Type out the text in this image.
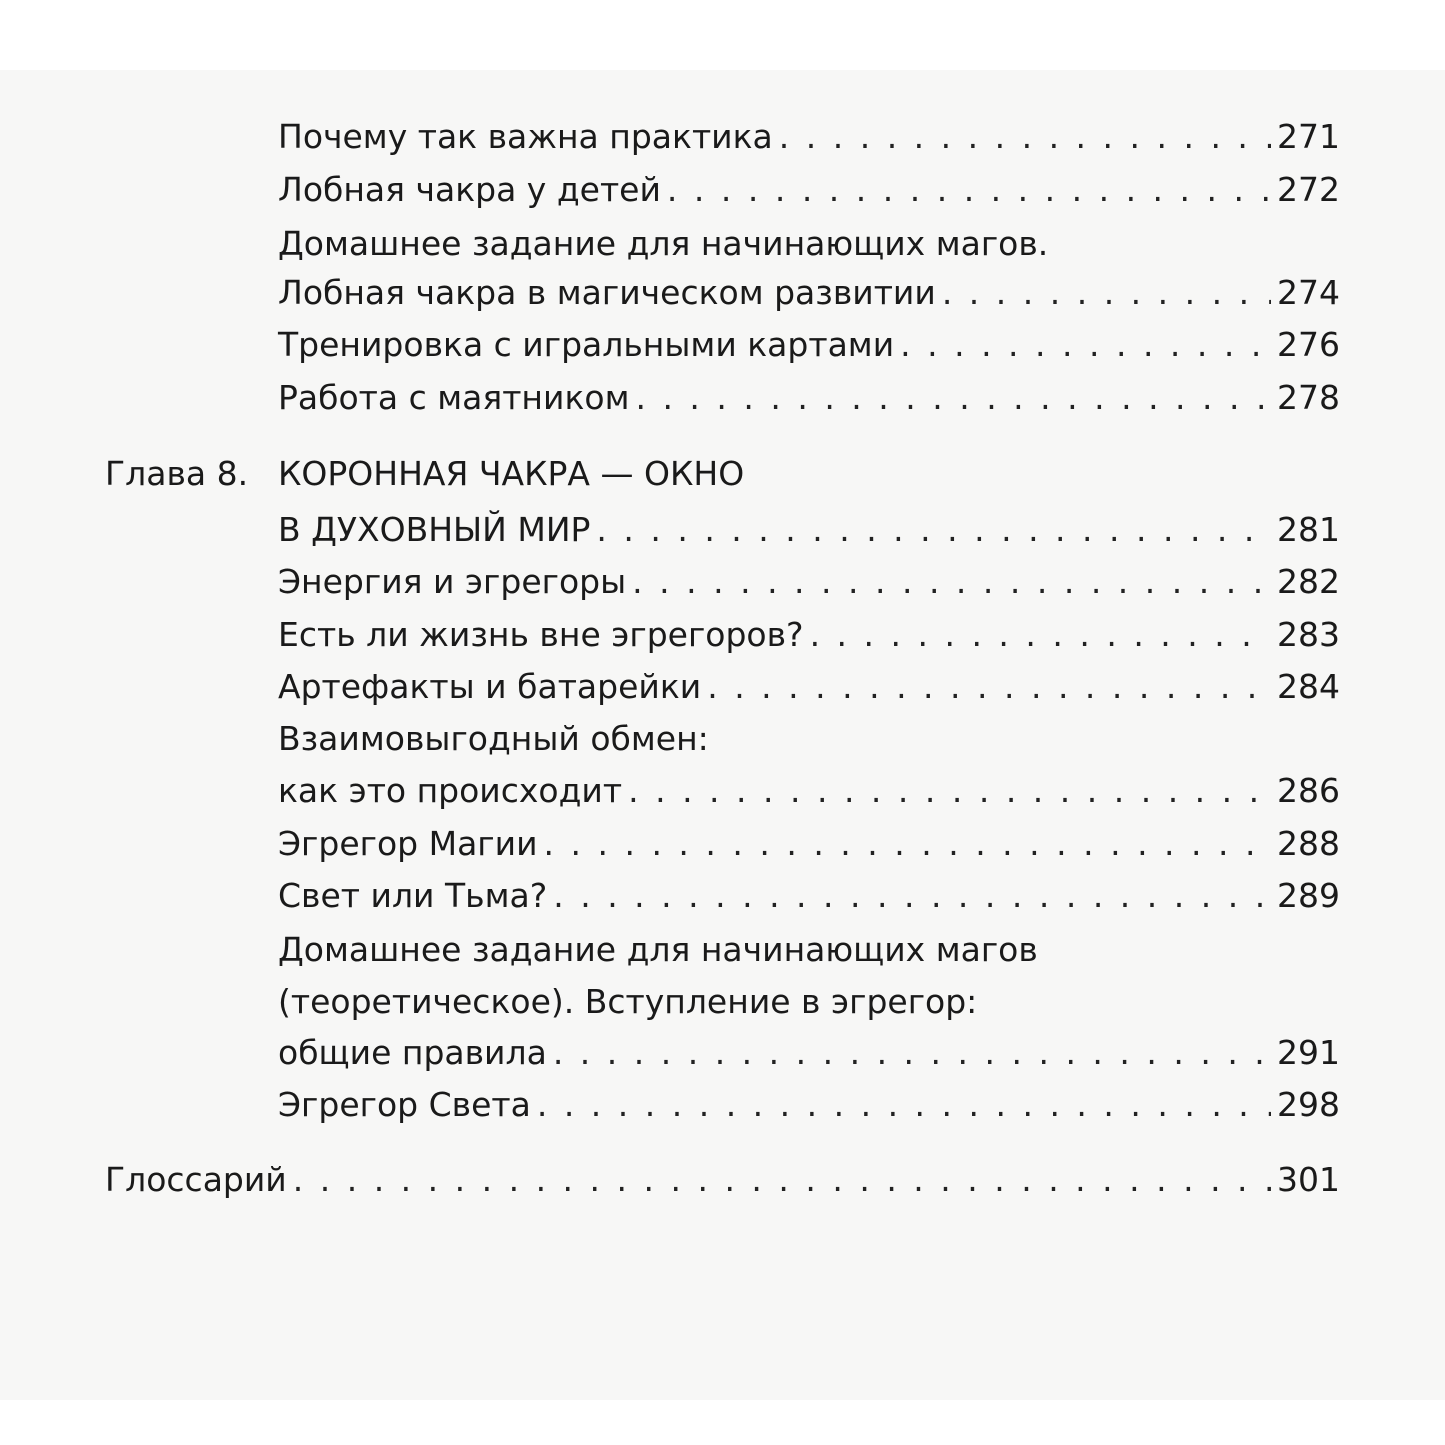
Почему так важна практика . . .	271
Лобная чакра у детей . . .	272
Домашнее задание для начинающих магов.
Лобная чакра в магическом развитии . . .	274
Тренировка с игральными картами . . .	276
Работа с маятником . . .	278
Глава 8. КОРОННАЯ ЧАКРА — ОКНО
В ДУХОВНЫЙ МИР . . .	281
Энергия и эгрегоры . . .	282
Есть ли жизнь вне эгрегоров? . . .	283
Артефакты и батарейки . . .	284
Взаимовыгодный обмен:
как это происходит . . .	286
Эгрегор Магии . . .	288
Свет или Тьма? . . .	289
Домашнее задание для начинающих магов
(теоретическое). Вступление в эгрегор:
общие правила . . .	291
Эгрегор Света . . .	298
Глоссарий . . .	301
